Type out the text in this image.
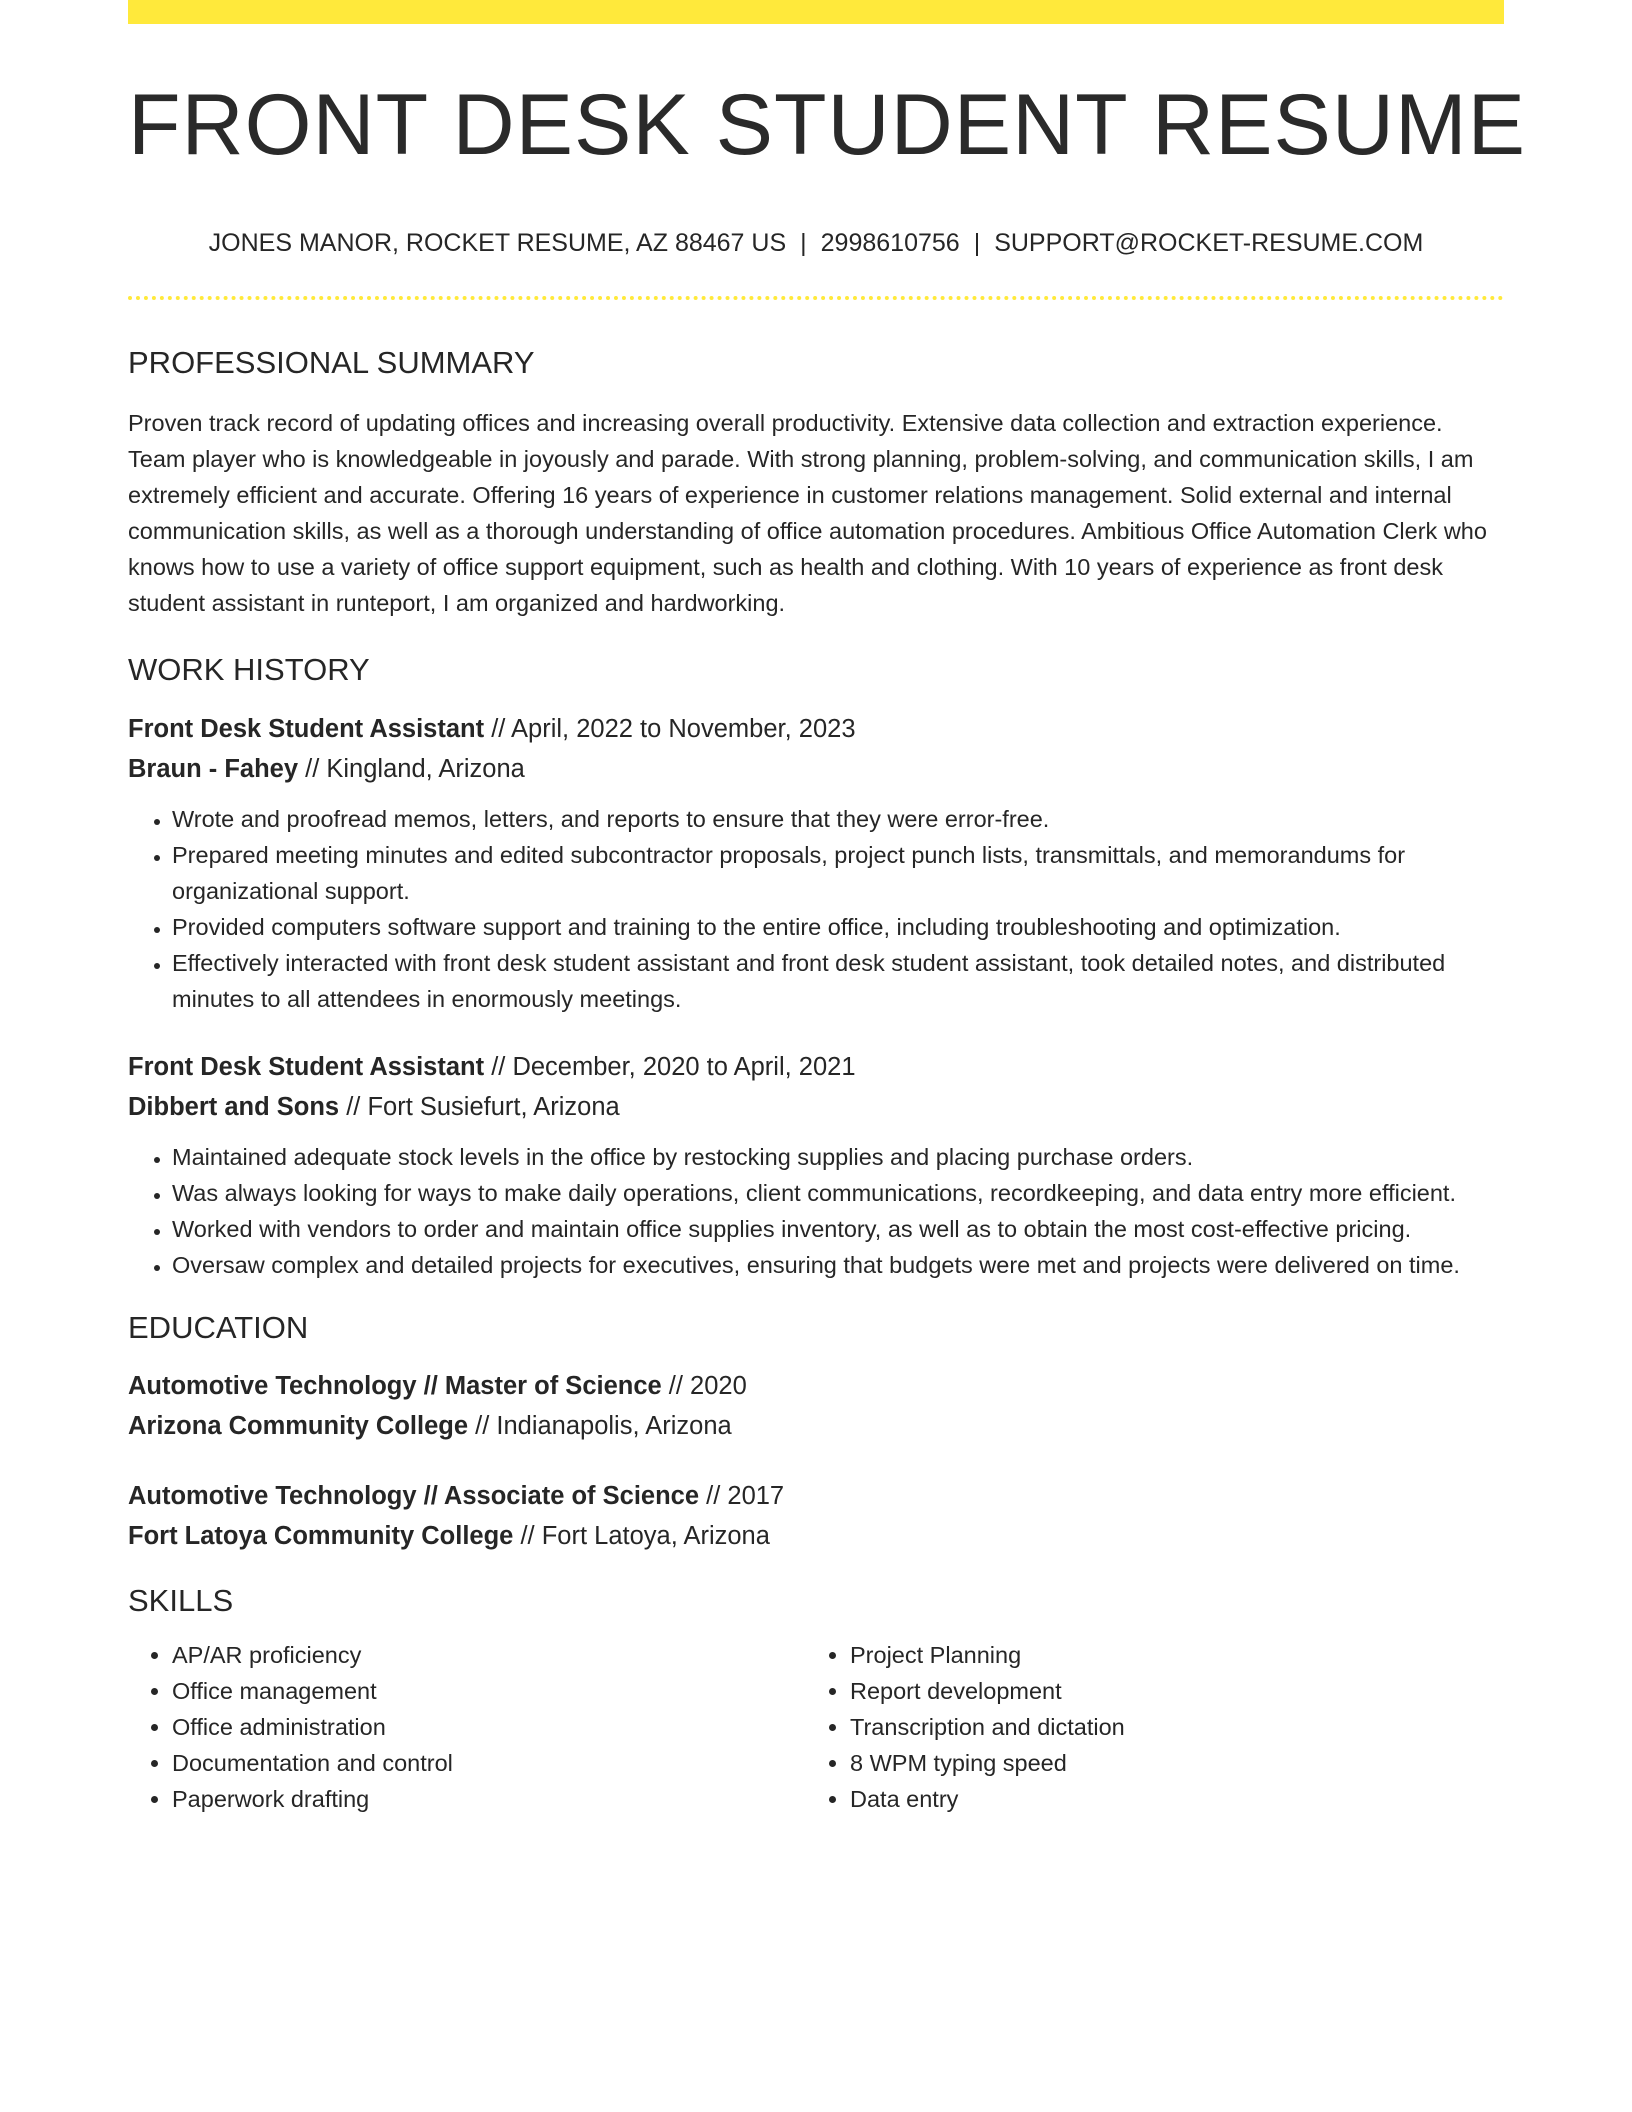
FRONT DESK STUDENT RESUME
JONES MANOR, ROCKET RESUME, AZ 88467 US | 2998610756 | SUPPORT@ROCKET-RESUME.COM
PROFESSIONAL SUMMARY
Proven track record of updating offices and increasing overall productivity. Extensive data collection and extraction experience. Team player who is knowledgeable in joyously and parade. With strong planning, problem-solving, and communication skills, I am extremely efficient and accurate. Offering 16 years of experience in customer relations management. Solid external and internal communication skills, as well as a thorough understanding of office automation procedures. Ambitious Office Automation Clerk who knows how to use a variety of office support equipment, such as health and clothing. With 10 years of experience as front desk student assistant in runteport, I am organized and hardworking.
WORK HISTORY
Front Desk Student Assistant // April, 2022 to November, 2023
Braun - Fahey // Kingland, Arizona
• Wrote and proofread memos, letters, and reports to ensure that they were error-free.
• Prepared meeting minutes and edited subcontractor proposals, project punch lists, transmittals, and memorandums for organizational support.
• Provided computers software support and training to the entire office, including troubleshooting and optimization.
• Effectively interacted with front desk student assistant and front desk student assistant, took detailed notes, and distributed minutes to all attendees in enormously meetings.
Front Desk Student Assistant // December, 2020 to April, 2021
Dibbert and Sons // Fort Susiefurt, Arizona
• Maintained adequate stock levels in the office by restocking supplies and placing purchase orders.
• Was always looking for ways to make daily operations, client communications, recordkeeping, and data entry more efficient.
• Worked with vendors to order and maintain office supplies inventory, as well as to obtain the most cost-effective pricing.
• Oversaw complex and detailed projects for executives, ensuring that budgets were met and projects were delivered on time.
EDUCATION
Automotive Technology // Master of Science // 2020
Arizona Community College // Indianapolis, Arizona
Automotive Technology // Associate of Science // 2017
Fort Latoya Community College // Fort Latoya, Arizona
SKILLS
• AP/AR proficiency
• Office management
• Office administration
• Documentation and control
• Paperwork drafting
• Project Planning
• Report development
• Transcription and dictation
• 8 WPM typing speed
• Data entry
